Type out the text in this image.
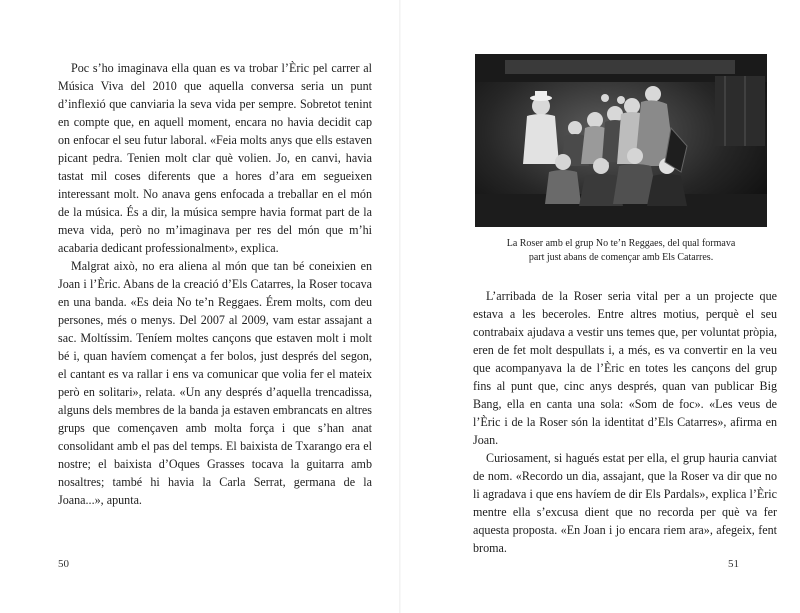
Poc s’ho imaginava ella quan es va trobar l’Èric pel carrer al Música Viva del 2010 que aquella conversa seria un punt d’inflexió que canviaria la seva vida per sempre. Sobretot tenint en compte que, en aquell moment, encara no havia decidit cap on enfocar el seu futur laboral. «Feia molts anys que ells estaven picant pedra. Tenien molt clar què volien. Jo, en canvi, havia tastat mil coses diferents que a hores d’ara em segueixen interessant molt. No anava gens enfocada a treballar en el món de la música. És a dir, la música sempre havia format part de la meva vida, però no m’imaginava per res del món que m’hi acabaria dedicant professionalment», explica.

Malgrat això, no era aliena al món que tan bé coneixien en Joan i l’Èric. Abans de la creació d’Els Catarres, la Roser tocava en una banda. «Es deia No te’n Reggaes. Érem molts, com deu persones, més o menys. Del 2007 al 2009, vam estar assajant a sac. Moltíssim. Teníem moltes cançons que estaven molt i molt bé i, quan havíem començat a fer bolos, just després del segon, el cantant es va rallar i ens va comunicar que volia fer el mateix però en solitari», relata. «Un any després d’aquella trencadissa, alguns dels membres de la banda ja estaven embrancats en altres grups que començaven amb molta força i que s’han anat consolidant amb el pas del temps. El baixista de Txarango era el nostre; el baixista d’Oques Grasses tocava la guitarra amb nosaltres; també hi havia la Carla Serrat, germana de la Joana...», apunta.

50
La Roser amb el grup No te’n Reggaes, del qual formava
part just abans de començar amb Els Catarres.

L’arribada de la Roser seria vital per a un projecte que estava a les beceroles. Entre altres motius, perquè el seu contrabaix ajudava a vestir uns temes que, per voluntat pròpia, eren de fet molt despullats i, a més, es va convertir en la veu que acompanyava la de l’Èric en totes les cançons del grup fins al punt que, cinc anys després, quan van publicar Big Bang, ella en canta una sola: «Som de foc». «Les veus de l’Èric i de la Roser són la identitat d’Els Catarres», afirma en Joan.

Curiosament, si hagués estat per ella, el grup hauria canviat de nom. «Recordo un dia, assajant, que la Roser va dir que no li agradava i que ens havíem de dir Els Pardals», explica l’Èric mentre ella s’excusa dient que no recorda per què va fer aquesta proposta. «En Joan i jo encara riem ara», afegeix, fent broma.

51
